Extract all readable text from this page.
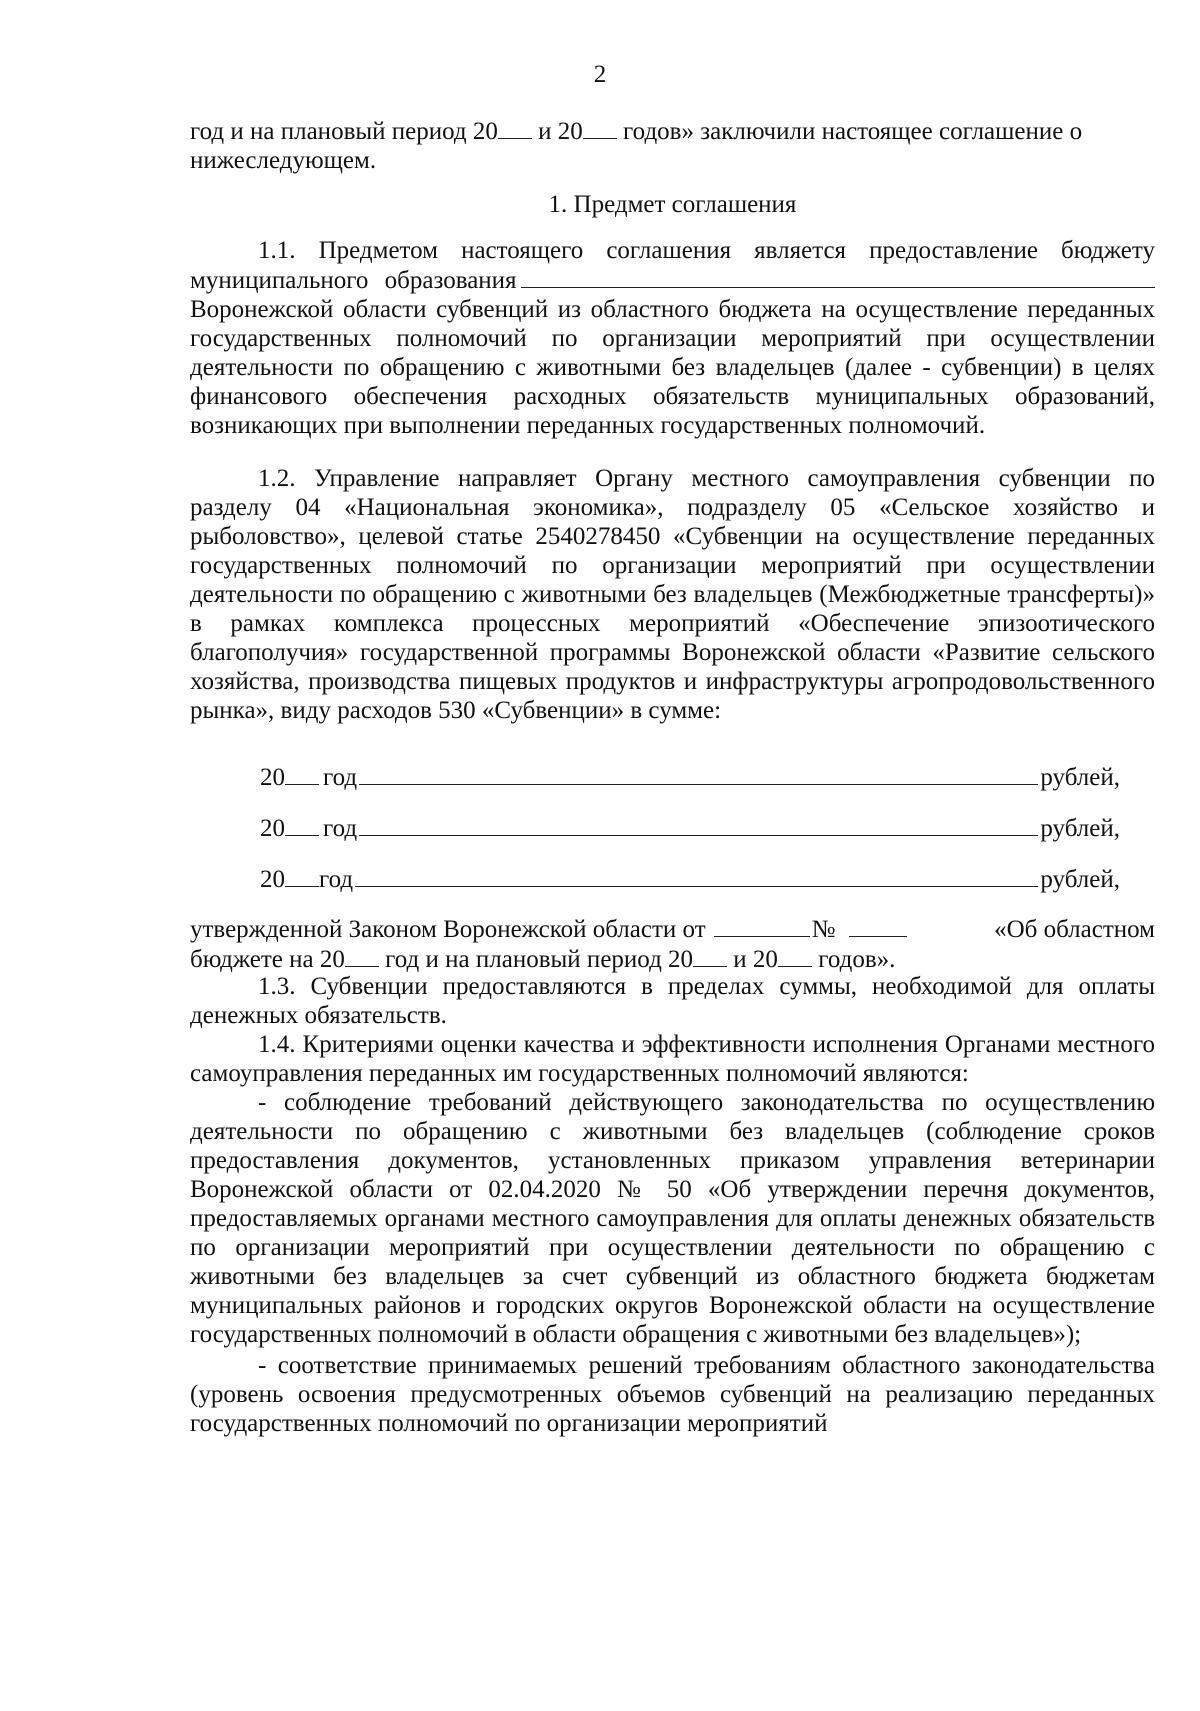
2

год и на плановый период 20 и 20 годов» заключили настоящее соглашение о

нижеследующем.

1. Предмет соглашения

1.1. Предметом настоящего соглашения является предоставление бюджету

муниципального образования

Воронежской области субвенций из областного бюджета на осуществление переданных государственных полномочий по организации мероприятий при осуществлении деятельности по обращению с животными без владельцев (далее - субвенции) в целях финансового обеспечения расходных обязательств муниципальных образований, возникающих при выполнении переданных государственных полномочий.

1.2. Управление направляет Органу местного самоуправления субвенции по разделу 04 «Национальная экономика», подразделу 05 «Сельское хозяйство и рыболовство», целевой статье 2540278450 «Субвенции на осуществление переданных государственных полномочий по организации мероприятий при осуществлении деятельности по обращению с животными без владельцев (Межбюджетные трансферты)» в рамках комплекса процессных мероприятий «Обеспечение эпизоотического благополучия» государственной программы Воронежской области «Развитие сельского хозяйства, производства пищевых продуктов и инфраструктуры агропродовольственного рынка», виду расходов 530 «Субвенции» в сумме:

20 год	рублей,
20 год	рублей,
20 год	рублей,

утвержденной Законом Воронежской области от	№	«Об областном

бюджете на 20 год и на плановый период 20 и 20 годов».

1.3. Субвенции предоставляются в пределах суммы, необходимой для оплаты денежных обязательств.

1.4. Критериями оценки качества и эффективности исполнения Органами местного самоуправления переданных им государственных полномочий являются:

- соблюдение требований действующего законодательства по осуществлению деятельности по обращению с животными без владельцев (соблюдение сроков предоставления документов, установленных приказом управления ветеринарии Воронежской области от 02.04.2020 № 50 «Об утверждении перечня документов, предоставляемых органами местного самоуправления для оплаты денежных обязательств по организации мероприятий при осуществлении деятельности по обращению с животными без владельцев за счет субвенций из областного бюджета бюджетам муниципальных районов и городских округов Воронежской области на осуществление государственных полномочий в области обращения с животными без владельцев»);

- соответствие принимаемых решений требованиям областного законодательства (уровень освоения предусмотренных объемов субвенций на реализацию переданных государственных полномочий по организации мероприятий
